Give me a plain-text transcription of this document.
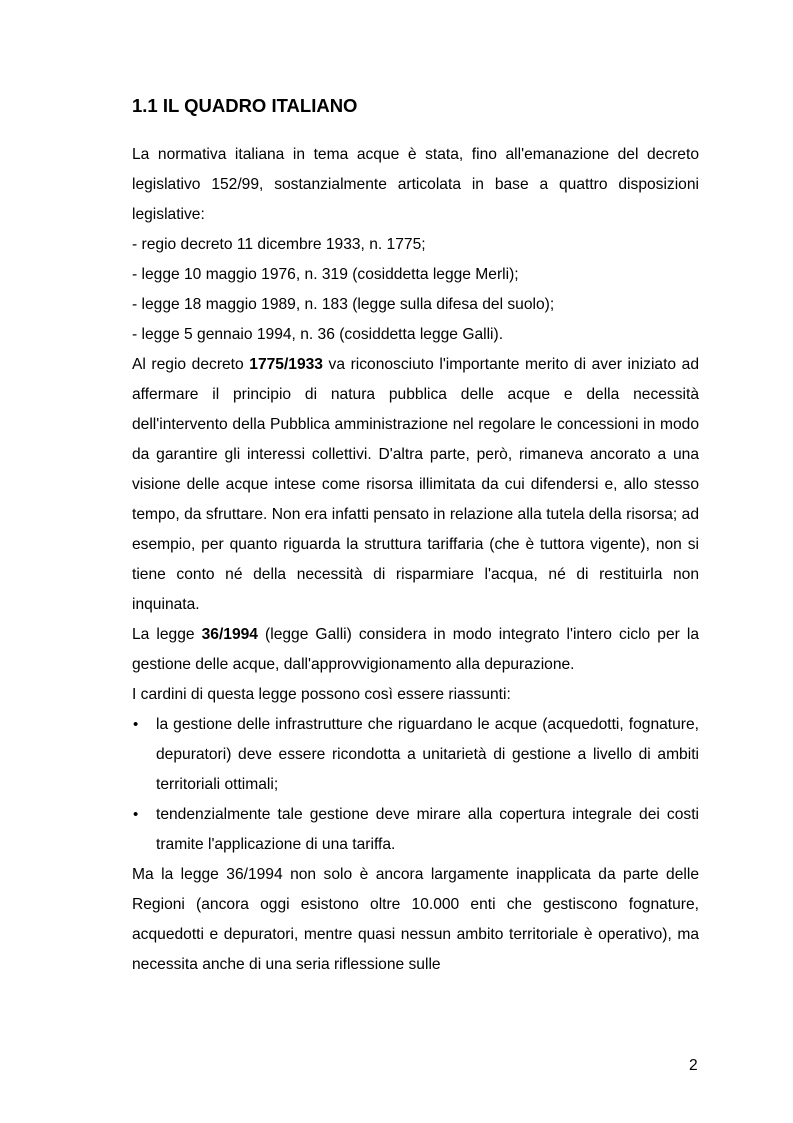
1.1 IL QUADRO ITALIANO

La normativa italiana in tema acque è stata, fino all'emanazione del decreto legislativo 152/99, sostanzialmente articolata in base a quattro disposizioni legislative:

- regio decreto 11 dicembre 1933, n. 1775;

- legge 10 maggio 1976, n. 319 (cosiddetta legge Merli);

- legge 18 maggio 1989, n. 183 (legge sulla difesa del suolo);

- legge 5 gennaio 1994, n. 36 (cosiddetta legge Galli).

Al regio decreto 1775/1933 va riconosciuto l'importante merito di aver iniziato ad affermare il principio di natura pubblica delle acque e della necessità dell'intervento della Pubblica amministrazione nel regolare le concessioni in modo da garantire gli interessi collettivi. D'altra parte, però, rimaneva ancorato a una visione delle acque intese come risorsa illimitata da cui difendersi e, allo stesso tempo, da sfruttare. Non era infatti pensato in relazione alla tutela della risorsa; ad esempio, per quanto riguarda la struttura tariffaria (che è tuttora vigente), non si tiene conto né della necessità di risparmiare l'acqua, né di restituirla non inquinata.

La legge 36/1994 (legge Galli) considera in modo integrato l'intero ciclo per la gestione delle acque, dall'approvvigionamento alla depurazione.

I cardini di questa legge possono così essere riassunti:

• la gestione delle infrastrutture che riguardano le acque (acquedotti, fognature, depuratori) deve essere ricondotta a unitarietà di gestione a livello di ambiti territoriali ottimali;
• tendenzialmente tale gestione deve mirare alla copertura integrale dei costi tramite l'applicazione di una tariffa.

Ma la legge 36/1994 non solo è ancora largamente inapplicata da parte delle Regioni (ancora oggi esistono oltre 10.000 enti che gestiscono fognature, acquedotti e depuratori, mentre quasi nessun ambito territoriale è operativo), ma necessita anche di una seria riflessione sulle

2
